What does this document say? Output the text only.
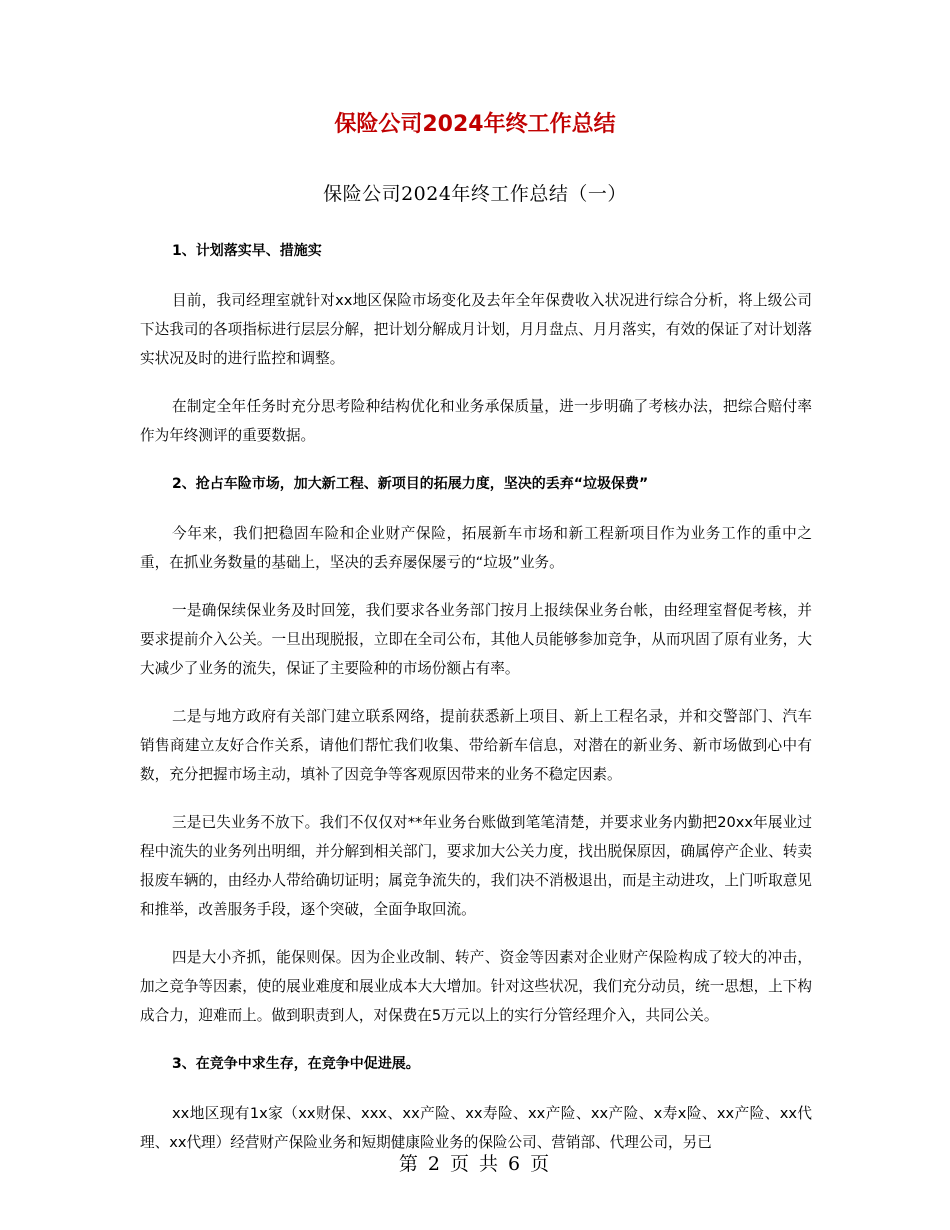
保险公司2024年终工作总结
保险公司2024年终工作总结（一）
1、计划落实早、措施实

目前，我司经理室就针对xx地区保险市场变化及去年全年保费收入状况进行综合分析，将上级公司下达我司的各项指标进行层层分解，把计划分解成月计划，月月盘点、月月落实，有效的保证了对计划落实状况及时的进行监控和调整。

在制定全年任务时充分思考险种结构优化和业务承保质量，进一步明确了考核办法，把综合赔付率作为年终测评的重要数据。

2、抢占车险市场，加大新工程、新项目的拓展力度，坚决的丢弃“垃圾保费”

今年来，我们把稳固车险和企业财产保险，拓展新车市场和新工程新项目作为业务工作的重中之重，在抓业务数量的基础上，坚决的丢弃屡保屡亏的“垃圾”业务。

一是确保续保业务及时回笼，我们要求各业务部门按月上报续保业务台帐，由经理室督促考核，并要求提前介入公关。一旦出现脱报，立即在全司公布，其他人员能够参加竞争，从而巩固了原有业务，大大减少了业务的流失，保证了主要险种的市场份额占有率。

二是与地方政府有关部门建立联系网络，提前获悉新上项目、新上工程名录，并和交警部门、汽车销售商建立友好合作关系，请他们帮忙我们收集、带给新车信息，对潜在的新业务、新市场做到心中有数，充分把握市场主动，填补了因竞争等客观原因带来的业务不稳定因素。

三是已失业务不放下。我们不仅仅对**年业务台账做到笔笔清楚，并要求业务内勤把20xx年展业过程中流失的业务列出明细，并分解到相关部门，要求加大公关力度，找出脱保原因，确属停产企业、转卖报废车辆的，由经办人带给确切证明；属竞争流失的，我们决不消极退出，而是主动进攻，上门听取意见和推举，改善服务手段，逐个突破，全面争取回流。

四是大小齐抓，能保则保。因为企业改制、转产、资金等因素对企业财产保险构成了较大的冲击，加之竞争等因素，使的展业难度和展业成本大大增加。针对这些状况，我们充分动员，统一思想，上下构成合力，迎难而上。做到职责到人，对保费在5万元以上的实行分管经理介入，共同公关。

3、在竞争中求生存，在竞争中促进展。

xx地区现有1x家（xx财保、xxx、xx产险、xx寿险、xx产险、xx产险、x寿x险、xx产险、xx代理、xx代理）经营财产保险业务和短期健康险业务的保险公司、营销部、代理公司，另已

第 2 页 共 6 页
